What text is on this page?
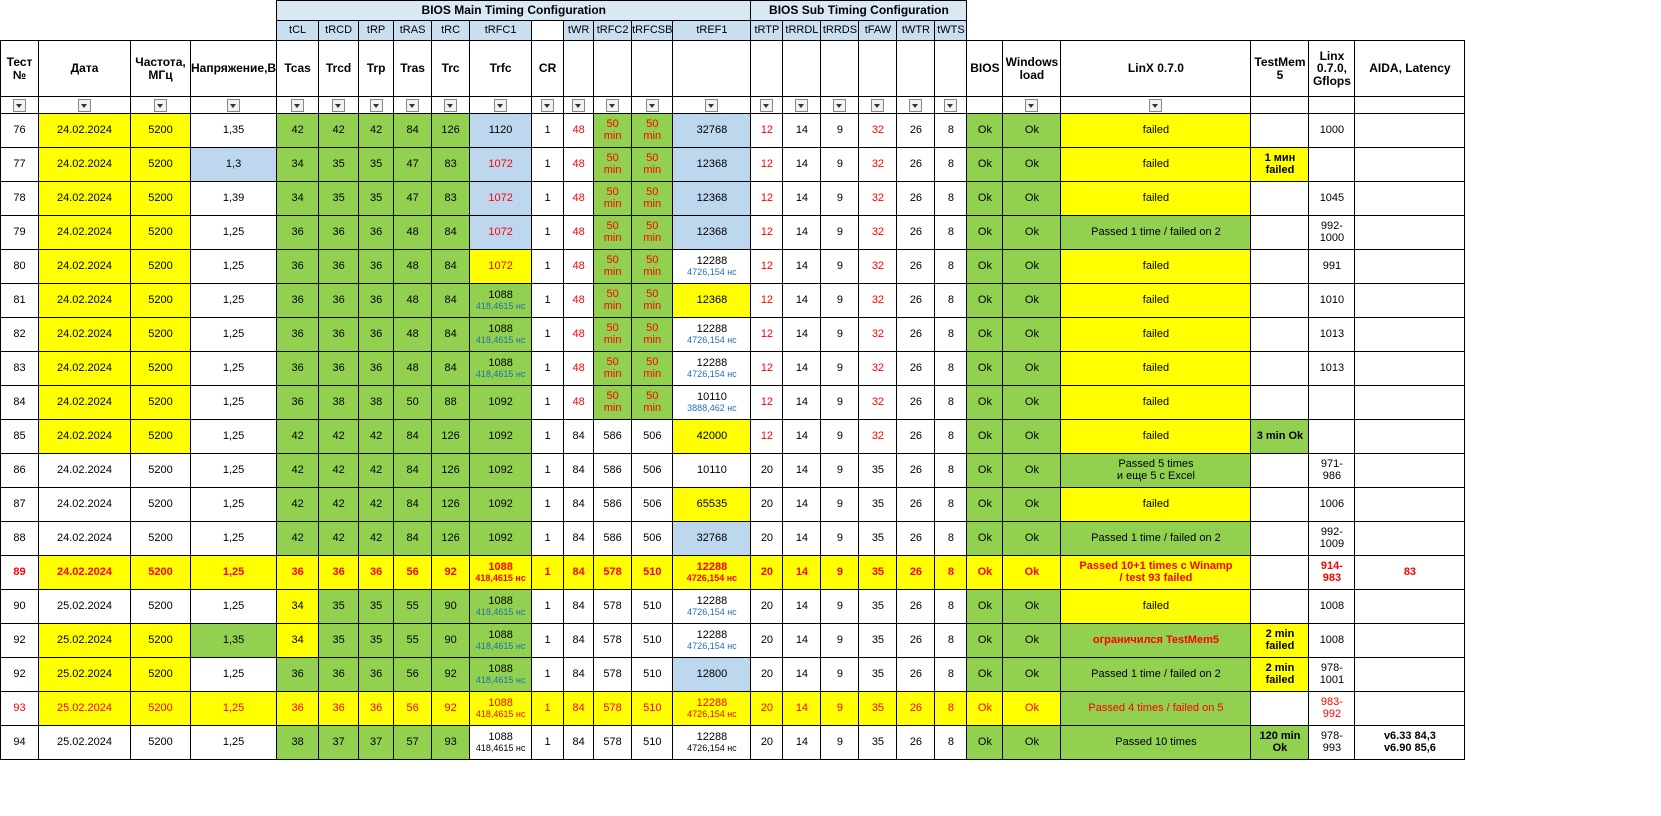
				BIOS Main Timing Configuration											BIOS Sub Timing Configuration											
				tCL	tRCD	tRP	tRAS	tRC	tRFC1		tWR	tRFC2	tRFCSB	tREF1	tRTP	tRRDL	tRRDS	tFAW	tWTR	tWTS						
Тест №	Дата	Частота, МГц	Напряжение,В	Tcas	Trcd	Trp	Tras	Trc	Trfc	CR											BIOS	Windows load	LinX 0.7.0	TestMem 5	Linx 0.7.0, Gflops	AIDA, Latency

76	24.02.2024	5200	1,35	42	42	42	84	126	1120	1	48	50
min	50
min	32768	12	14	9	32	26	8	Ok	Ok	failed		1000	
77	24.02.2024	5200	1,3	34	35	35	47	83	1072	1	48	50
min	50
min	12368	12	14	9	32	26	8	Ok	Ok	failed	1 мин
failed		

78	24.02.2024	5200	1,39	34	35	35	47	83	1072	1	48	50
min	50
min	12368	12	14	9	32	26	8	Ok	Ok	failed		1045	
79	24.02.2024	5200	1,25	36	36	36	48	84	1072	1	48	50
min	50
min	12368	12	14	9	32	26	8	Ok	Ok	Passed 1 time / failed on 2		992-
1000	

80	24.02.2024	5200	1,25	36	36	36	48	84	1072	1	48	50
min	50
min	12288
4726,154 нс	12	14	9	32	26	8	Ok	Ok	failed		991	
81	24.02.2024	5200	1,25	36	36	36	48	84	1088
418,4615 нс	1	48	50
min	50
min	12368	12	14	9	32	26	8	Ok	Ok	failed		1010	
82	24.02.2024	5200	1,25	36	36	36	48	84	1088
418,4615 нс	1	48	50
min	50
min	12288
4726,154 нс	12	14	9	32	26	8	Ok	Ok	failed		1013	
83	24.02.2024	5200	1,25	36	36	36	48	84	1088
418,4615 нс	1	48	50
min	50
min	12288
4726,154 нс	12	14	9	32	26	8	Ok	Ok	failed		1013	
84	24.02.2024	5200	1,25	36	38	38	50	88	1092	1	48	50
min	50
min	10110
3888,462 нс	12	14	9	32	26	8	Ok	Ok	failed			
85	24.02.2024	5200	1,25	42	42	42	84	126	1092	1	84	586	506	42000	12	14	9	32	26	8	Ok	Ok	failed	3 min Ok		
86	24.02.2024	5200	1,25	42	42	42	84	126	1092	1	84	586	506	10110	20	14	9	35	26	8	Ok	Ok	Passed 5 times
и еще 5 с Excel		971-
986	

87	24.02.2024	5200	1,25	42	42	42	84	126	1092	1	84	586	506	65535	20	14	9	35	26	8	Ok	Ok	failed		1006	
88	24.02.2024	5200	1,25	42	42	42	84	126	1092	1	84	586	506	32768	20	14	9	35	26	8	Ok	Ok	Passed 1 time / failed on 2		992-
1009	

89	24.02.2024	5200	1,25	36	36	36	56	92	1088
418,4615 нс	1	84	578	510	12288
4726,154 нс	20	14	9	35	26	8	Ok	Ok	Passed 10+1 times с Winamp
/ test 93 failed		914-
983	83
90	25.02.2024	5200	1,25	34	35	35	55	90	1088
418,4615 нс	1	84	578	510	12288
4726,154 нс	20	14	9	35	26	8	Ok	Ok	failed		1008	
92	25.02.2024	5200	1,35	34	35	35	55	90	1088
418,4615 нс	1	84	578	510	12288
4726,154 нс	20	14	9	35	26	8	Ok	Ok	ограничился TestMem5	2 min
failed	1008	
92	25.02.2024	5200	1,25	36	36	36	56	92	1088
418,4615 нс	1	84	578	510	12800	20	14	9	35	26	8	Ok	Ok	Passed 1 time / failed on 2	2 min
failed	978-
1001	

93	25.02.2024	5200	1,25	36	36	36	56	92	1088
418,4615 нс	1	84	578	510	12288
4726,154 нс	20	14	9	35	26	8	Ok	Ok	Passed 4 times / failed on 5		983-
992	

94	25.02.2024	5200	1,25	38	37	37	57	93	1088
418,4615 нс	1	84	578	510	12288
4726,154 нс	20	14	9	35	26	8	Ok	Ok	Passed 10 times	120 min
Ok	978-
993	v6.33 84,3
v6.90 85,6
